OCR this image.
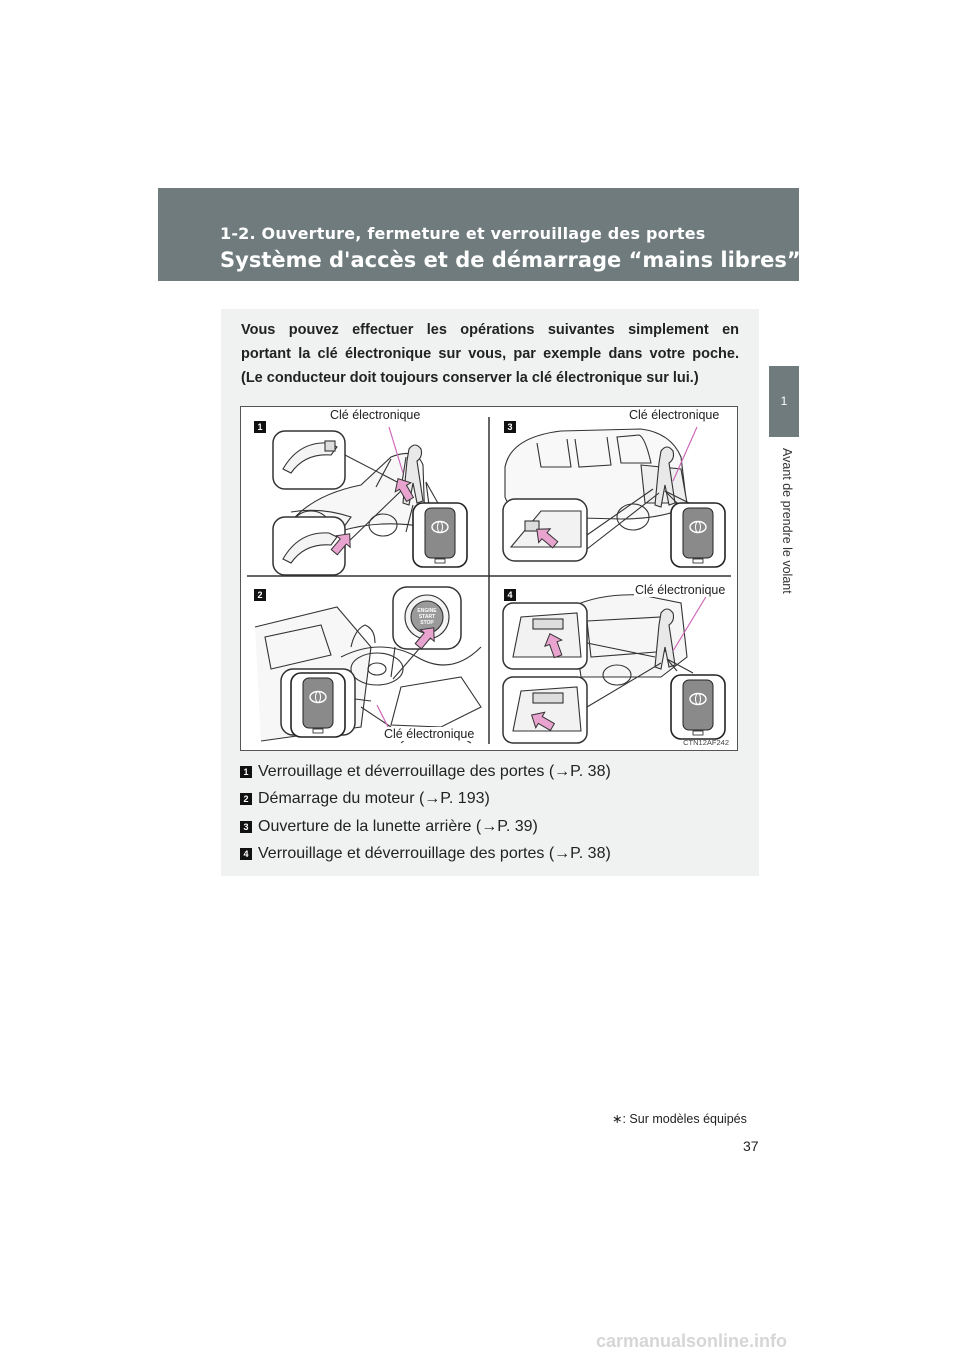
1-2. Ouverture, fermeture et verrouillage des portes
Système d'accès et de démarrage “mains libres”∗
1
Avant de prendre le volant
Vous pouvez effectuer les opérations suivantes simplement en
portant la clé électronique sur vous, par exemple dans votre poche.
(Le conducteur doit toujours conserver la clé électronique sur lui.)
ENGINE
START
STOP
1	3
2	4
Clé électronique	Clé électronique
Clé électronique
Clé électronique
CTN12AF242
1 Verrouillage et déverrouillage des portes (→P. 38)
2 Démarrage du moteur (→P. 193)
3 Ouverture de la lunette arrière (→P. 39)
4 Verrouillage et déverrouillage des portes (→P. 38)
∗: Sur modèles équipés
37
carmanualsonline.info
